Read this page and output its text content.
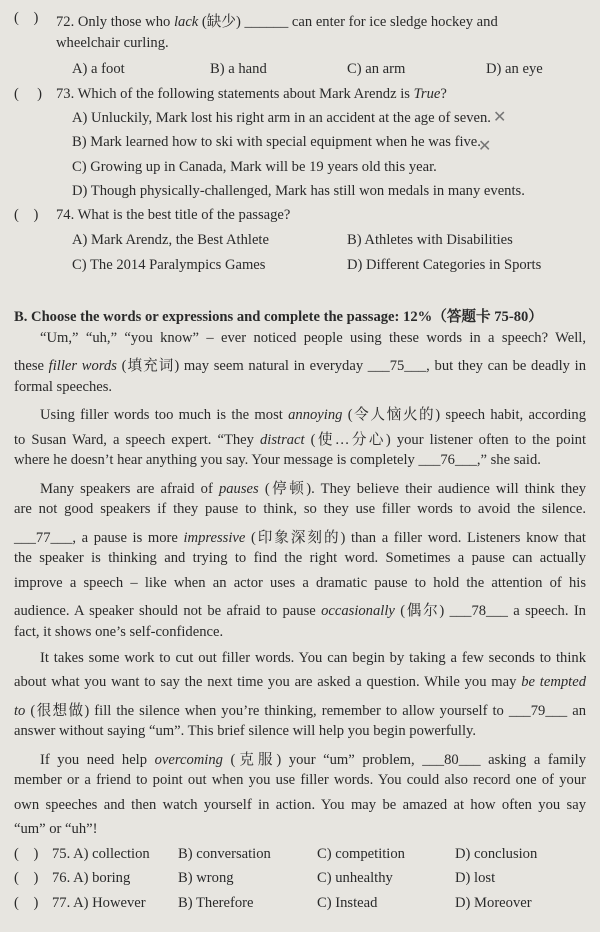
( ) 72. Only those who lack (缺少) ______ can enter for ice sledge hockey and
wheelchair curling.
A) a foot	B) a hand	C) an arm	D) an eye
( ) 73. Which of the following statements about Mark Arendz is True?
A) Unluckily, Mark lost his right arm in an accident at the age of seven.
B) Mark learned how to ski with special equipment when he was five.
C) Growing up in Canada, Mark will be 19 years old this year.
D) Though physically-challenged, Mark has still won medals in many events.
✕
✕
( ) 74. What is the best title of the passage?
A) Mark Arendz, the Best Athlete	B) Athletes with Disabilities
C) The 2014 Paralympics Games	D) Different Categories in Sports
B. Choose the words or expressions and complete the passage: 12%（答题卡 75-80）
“Um,” “uh,” “you know” – ever noticed people using these words in a speech? Well,
these filler words (填充词) may seem natural in everyday ___75___, but they can be deadly in
formal speeches.
Using filler words too much is the most annoying (令人恼火的) speech habit, according
to Susan Ward, a speech expert. “They distract (使…分心) your listener often to the point
where he doesn’t hear anything you say. Your message is completely ___76___,” she said.
Many speakers are afraid of pauses (停顿). They believe their audience will think they
are not good speakers if they pause to think, so they use filler words to avoid the silence.
___77___, a pause is more impressive (印象深刻的) than a filler word. Listeners know that
the speaker is thinking and trying to find the right word. Sometimes a pause can actually
improve a speech – like when an actor uses a dramatic pause to hold the attention of his
audience. A speaker should not be afraid to pause occasionally (偶尔) ___78___ a speech. In
fact, it shows one’s self-confidence.
It takes some work to cut out filler words. You can begin by taking a few seconds to think
about what you want to say the next time you are asked a question. While you may be tempted
to (很想做) fill the silence when you’re thinking, remember to allow yourself to ___79___ an
answer without saying “um”. This brief silence will help you begin powerfully.
If you need help overcoming (克服) your “um” problem, ___80___ asking a family
member or a friend to point out when you use filler words. You could also record one of your
own speeches and then watch yourself in action. You may be amazed at how often you say
“um” or “uh”!
( ) 75. A) collection B) conversation	C) competition	D) conclusion
( ) 76. A) boring	B) wrong	C) unhealthy	D) lost
( ) 77. A) However B) Therefore	C) Instead	D) Moreover
